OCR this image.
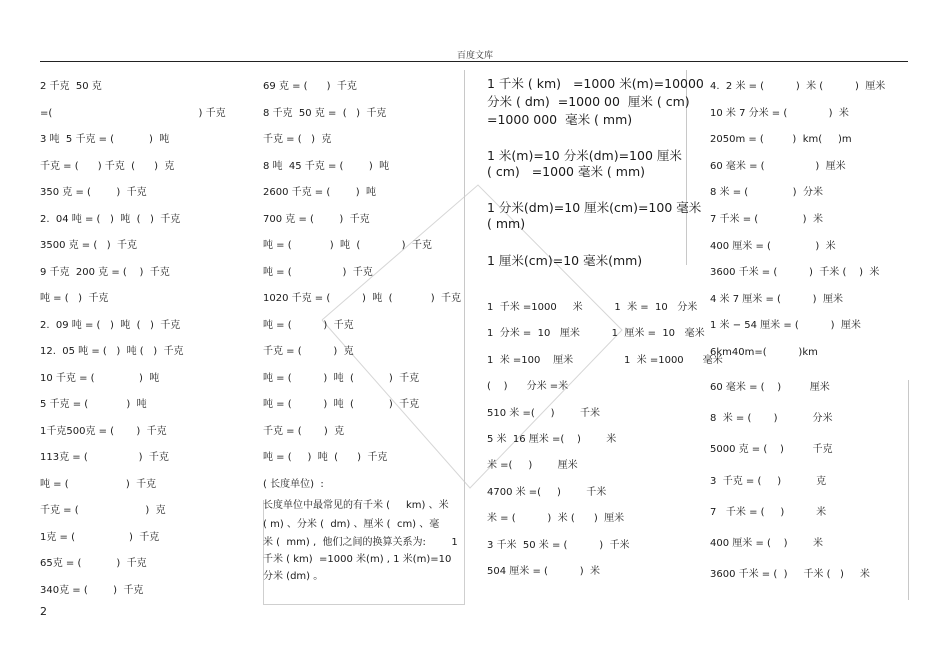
百度文库
2 千克  50 克
=(                                              ) 千克
3 吨  5 千克 = (           )  吨
千克 = (      ) 千克  (      )  克
350 克 = (        )  千克
2.  04 吨 = (   )  吨  (   )  千克
3500 克 = (   )  千克
9 千克  200 克 = (    )  千克
吨 = (   )  千克
2.  09 吨 = (   )  吨  (   )  千克
12.  05 吨 = (   )  吨 (   )  千克
10 千克 = (              )  吨
5 千克 = (            )  吨
1千克500克 = (       )  千克
113克 = (                )  千克
吨 = (                  )  千克
千克 = (                     )  克
1克 = (                 )  千克
65克 = (           )  千克
340克 = (        )  千克
69 克 = (      )  千克
8 千克  50 克 =  (   )  千克
千克 = (   )  克
8 吨  45 千克 = (        )  吨
2600 千克 = (        )  吨
700 克 = (        )  千克
吨 = (            )  吨  (             )  千克
吨 = (                )  千克
1020 千克 = (          )  吨  (            )  千克
吨 = (          )  千克
千克 = (          )  克
吨 = (          )  吨  (           )  千克
吨 = (          )  吨  (           )  千克
千克 = (       )  克
吨 = (     )  吨  (      )  千克
( 长度单位)  :
长度单位中最常见的有千米 (     km) 、米
( m) 、分米 (  dm) 、厘米 (  cm) 、毫
米 (  mm) ,  他们之间的换算关系为:        1
千米 ( km)  =1000 米(m) , 1 米(m)=10
分米 (dm) 。
1 千米 ( km)   =1000 米(m)=10000
分米 ( dm)  =1000 00  厘米 ( cm)
=1000 000  毫米 ( mm)
1 米(m)=10 分米(dm)=100 厘米
( cm)   =1000 毫米 ( mm)
1 分米(dm)=10 厘米(cm)=100 毫米
( mm)
1 厘米(cm)=10 毫米(mm)
1  千米 =1000     米          1  米 =  10   分米
1  分米 =  10   厘米          1  厘米 =  10   毫米
1  米 =100    厘米                1  米 =1000      毫米
(    )      分米 =米
510 米 =(     )        千米
5 米  16 厘米 =(    )        米
米 =(     )        厘米
4700 米 =(     )        千米
米 = (          )  米 (      )  厘米
3 千米  50 米 = (          )  千米
504 厘米 = (          )  米
4.  2 米 = (          )  米 (          )  厘米
10 米 7 分米 = (             )  米
2050m = (         )  km(     )m
60 毫米 = (                )  厘米
8 米 = (              )  分米
7 千米 = (              )  米
400 厘米 = (              )  米
3600 千米 = (          )  千米 (    )  米
4 米 7 厘米 = (          )  厘米
1 米 − 54 厘米 = (          )  厘米
6km40m=(          )km
60 毫米 = (    )         厘米
8  米 = (       )           分米
5000 克 = (    )         千克
3  千克 = (     )           克
7   千米 = (     )          米
400 厘米 = (    )        米
3600 千米 = (  )     千米 (   )     米
2
